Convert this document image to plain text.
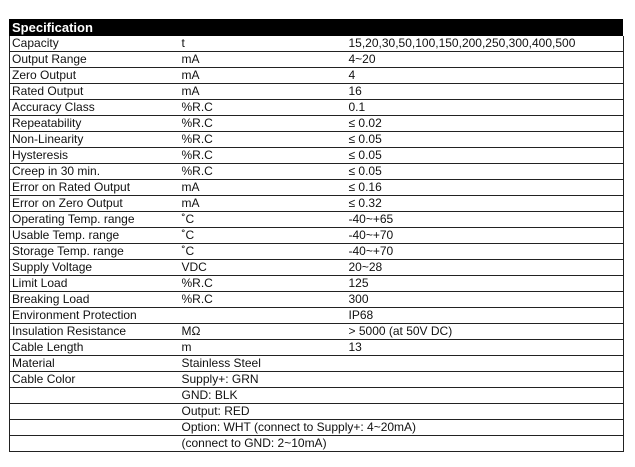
Specification
Capacity	t	15,20,30,50,100,150,200,250,300,400,500
Output Range	mA	4~20
Zero Output	mA	4
Rated Output	mA	16
Accuracy Class	%R.C	0.1
Repeatability	%R.C	≤ 0.02
Non-Linearity	%R.C	≤ 0.05
Hysteresis	%R.C	≤ 0.05
Creep in 30 min.	%R.C	≤ 0.05
Error on Rated Output	mA	≤ 0.16
Error on Zero Output	mA	≤ 0.32
Operating Temp. range	˚C	-40~+65
Usable Temp. range	˚C	-40~+70
Storage Temp. range	˚C	-40~+70
Supply Voltage	VDC	20~28
Limit Load	%R.C	125
Breaking Load	%R.C	300
Environment Protection		IP68
Insulation Resistance	MΩ	> 5000 (at 50V DC)
Cable Length	m	13
Material	Stainless Steel	
Cable Color	Supply+: GRN	
	GND: BLK	
	Output: RED	
	Option: WHT (connect to Supply+: 4~20mA)	
	(connect to GND: 2~10mA)	
